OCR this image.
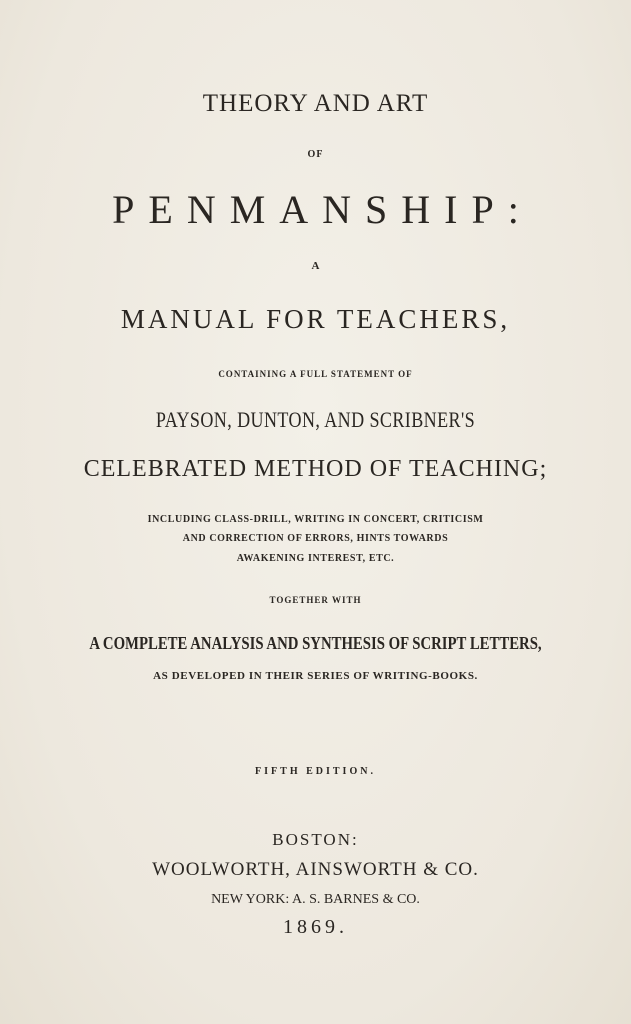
THEORY AND ART
OF
PENMANSHIP:
A
MANUAL FOR TEACHERS,
CONTAINING A FULL STATEMENT OF
PAYSON, DUNTON, AND SCRIBNER'S
CELEBRATED METHOD OF TEACHING;
INCLUDING CLASS-DRILL, WRITING IN CONCERT, CRITICISM
AND CORRECTION OF ERRORS, HINTS TOWARDS
AWAKENING INTEREST, ETC.
TOGETHER WITH
A COMPLETE ANALYSIS AND SYNTHESIS OF SCRIPT LETTERS,
AS DEVELOPED IN THEIR SERIES OF WRITING-BOOKS.
FIFTH EDITION.
BOSTON:
WOOLWORTH, AINSWORTH & CO.
NEW YORK: A. S. BARNES & CO.
1869.
